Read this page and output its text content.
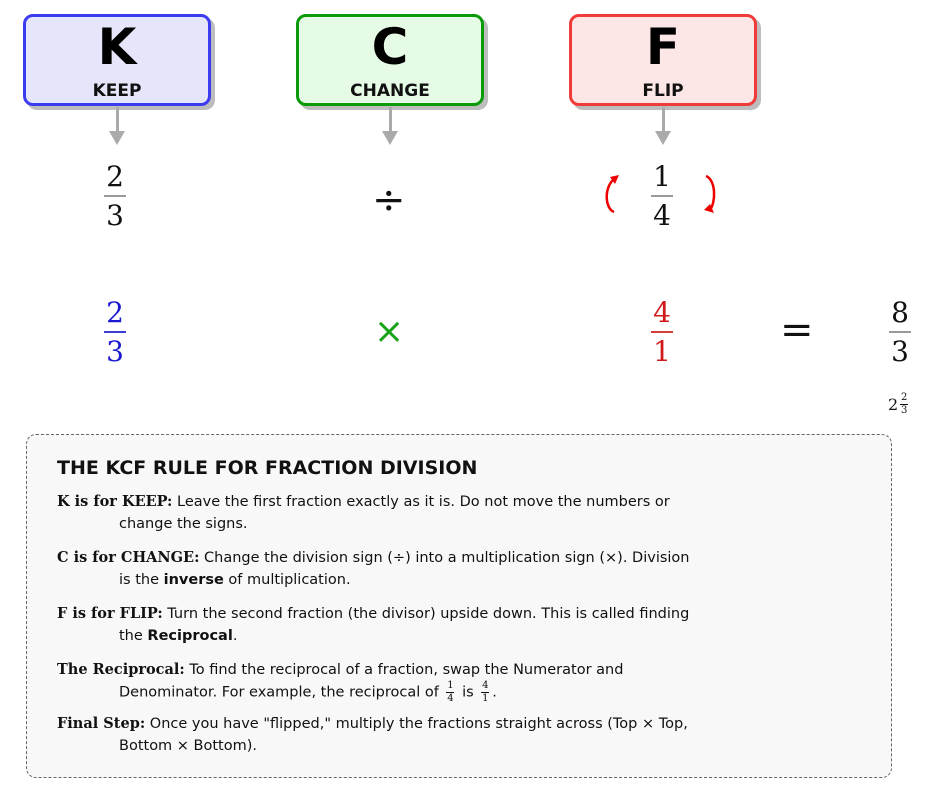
K
KEEP
C
CHANGE
F
FLIP
2
3	÷
1
4
2
3	×	4
1	=	8
3
$2 \frac{2}{3}$
THE KCF RULE FOR FRACTION DIVISION
K is for KEEP: Leave the first fraction exactly as it is. Do not move the numbers or
change the signs.
C is for CHANGE: Change the division sign (÷) into a multiplication sign (×). Division
is the inverse of multiplication.
F is for FLIP: Turn the second fraction (the divisor) upside down. This is called finding
the Reciprocal.
The Reciprocal: To find the reciprocal of a fraction, swap the Numerator and
Denominator. For example, the reciprocal of $\frac{1}{4}$ is $\frac{4}{1}$ .
Final Step: Once you have "flipped," multiply the fractions straight across (Top × Top,
Bottom × Bottom).
